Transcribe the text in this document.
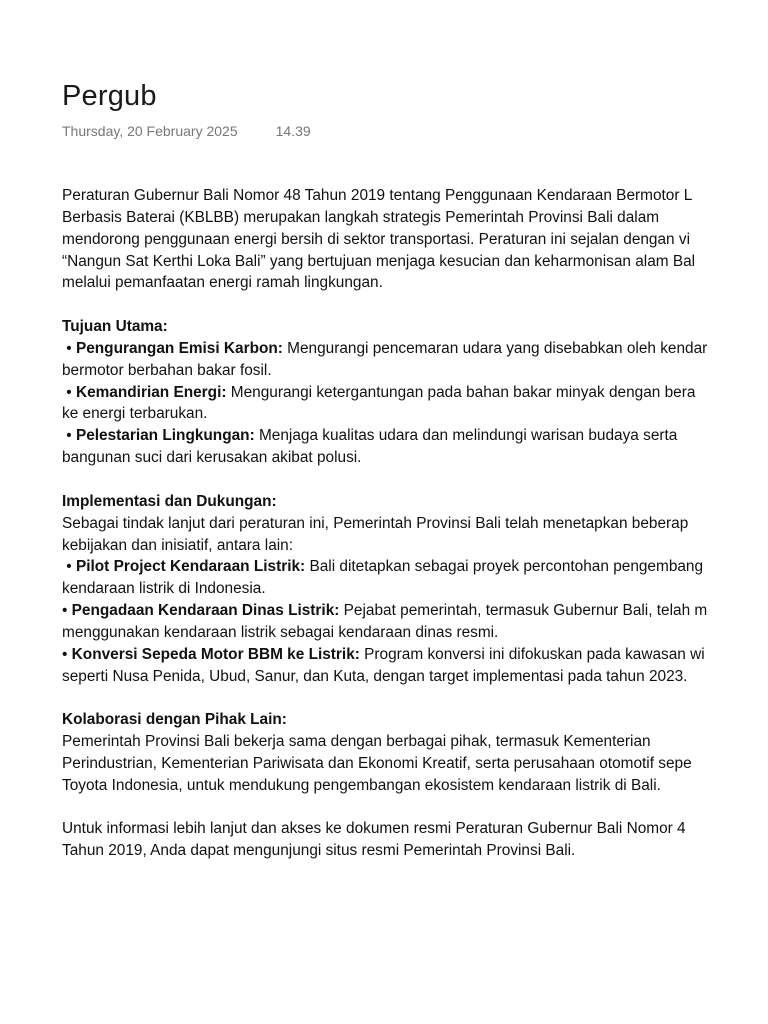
Pergub
Thursday, 20 February 2025	14.39
Peraturan Gubernur Bali Nomor 48 Tahun 2019 tentang Penggunaan Kendaraan Bermotor L
Berbasis Baterai (KBLBB) merupakan langkah strategis Pemerintah Provinsi Bali dalam
mendorong penggunaan energi bersih di sektor transportasi. Peraturan ini sejalan dengan vi
“Nangun Sat Kerthi Loka Bali” yang bertujuan menjaga kesucian dan keharmonisan alam Bal
melalui pemanfaatan energi ramah lingkungan.
Tujuan Utama:
• Pengurangan Emisi Karbon: Mengurangi pencemaran udara yang disebabkan oleh kendar
bermotor berbahan bakar fosil.
• Kemandirian Energi: Mengurangi ketergantungan pada bahan bakar minyak dengan bera
ke energi terbarukan.
• Pelestarian Lingkungan: Menjaga kualitas udara dan melindungi warisan budaya serta
bangunan suci dari kerusakan akibat polusi.
Implementasi dan Dukungan:
Sebagai tindak lanjut dari peraturan ini, Pemerintah Provinsi Bali telah menetapkan beberap
kebijakan dan inisiatif, antara lain:
• Pilot Project Kendaraan Listrik: Bali ditetapkan sebagai proyek percontohan pengembang
kendaraan listrik di Indonesia.
• Pengadaan Kendaraan Dinas Listrik: Pejabat pemerintah, termasuk Gubernur Bali, telah m
menggunakan kendaraan listrik sebagai kendaraan dinas resmi.
• Konversi Sepeda Motor BBM ke Listrik: Program konversi ini difokuskan pada kawasan wi
seperti Nusa Penida, Ubud, Sanur, dan Kuta, dengan target implementasi pada tahun 2023.
Kolaborasi dengan Pihak Lain:
Pemerintah Provinsi Bali bekerja sama dengan berbagai pihak, termasuk Kementerian
Perindustrian, Kementerian Pariwisata dan Ekonomi Kreatif, serta perusahaan otomotif sepe
Toyota Indonesia, untuk mendukung pengembangan ekosistem kendaraan listrik di Bali.
Untuk informasi lebih lanjut dan akses ke dokumen resmi Peraturan Gubernur Bali Nomor 4
Tahun 2019, Anda dapat mengunjungi situs resmi Pemerintah Provinsi Bali.
